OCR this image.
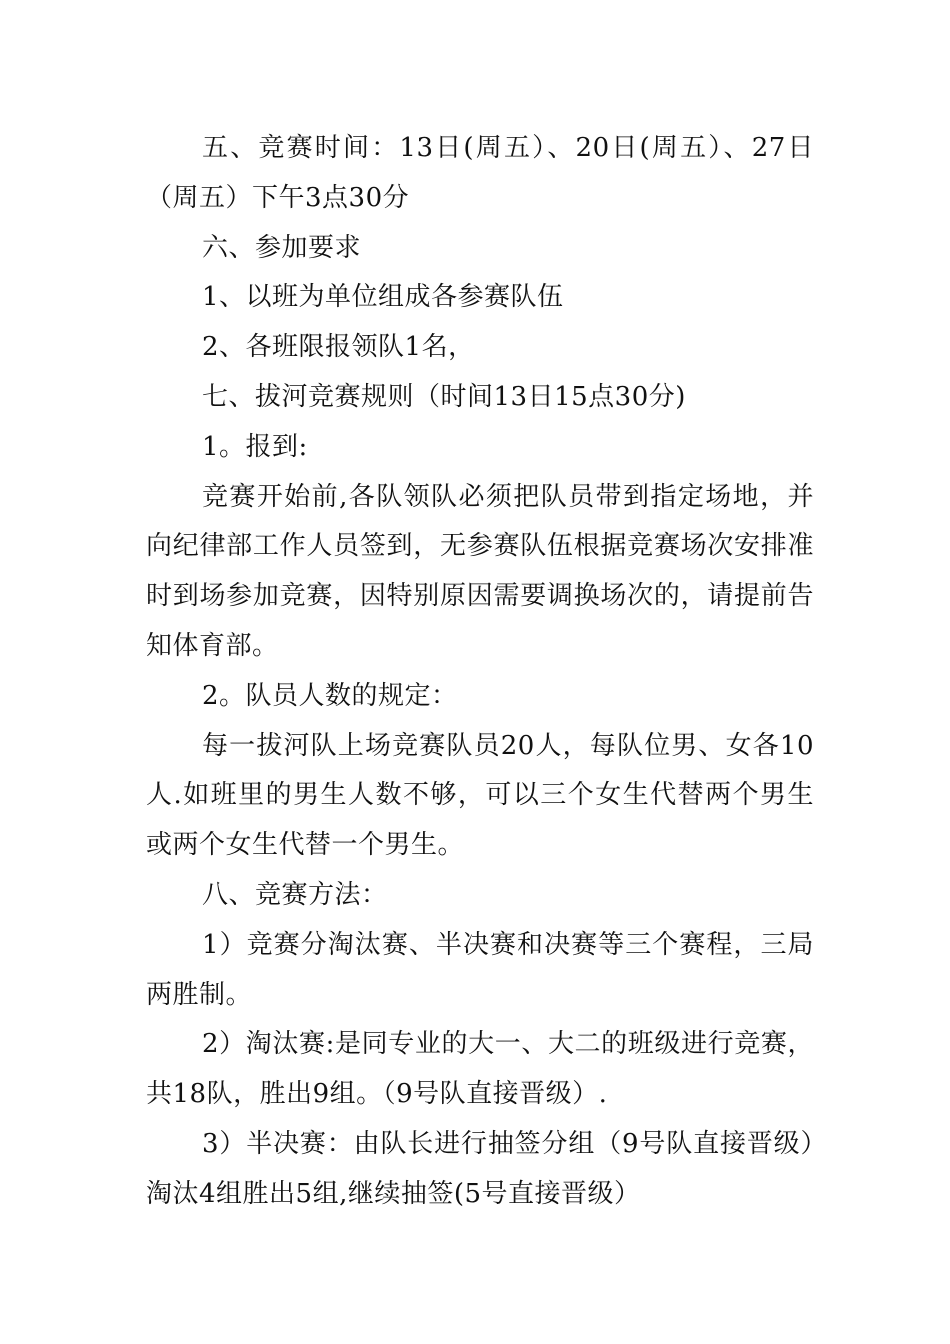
五、竞赛时间：13日(周五）、20日(周五）、27日（周五）下午3点30分

六、参加要求

1、以班为单位组成各参赛队伍

2、各班限报领队1名，

七、拔河竞赛规则（时间13日15点30分)

1。报到:

竞赛开始前,各队领队必须把队员带到指定场地，并向纪律部工作人员签到，无参赛队伍根据竞赛场次安排准时到场参加竞赛，因特别原因需要调换场次的，请提前告知体育部。

2。队员人数的规定：

每一拔河队上场竞赛队员20人，每队位男、女各10人.如班里的男生人数不够，可以三个女生代替两个男生或两个女生代替一个男生。

八、竞赛方法：

1）竞赛分淘汰赛、半决赛和决赛等三个赛程，三局两胜制。

2）淘汰赛:是同专业的大一、大二的班级进行竞赛，共18队，胜出9组。（9号队直接晋级）.

3）半决赛：由队长进行抽签分组（9号队直接晋级）淘汰4组胜出5组,继续抽签(5号直接晋级）
